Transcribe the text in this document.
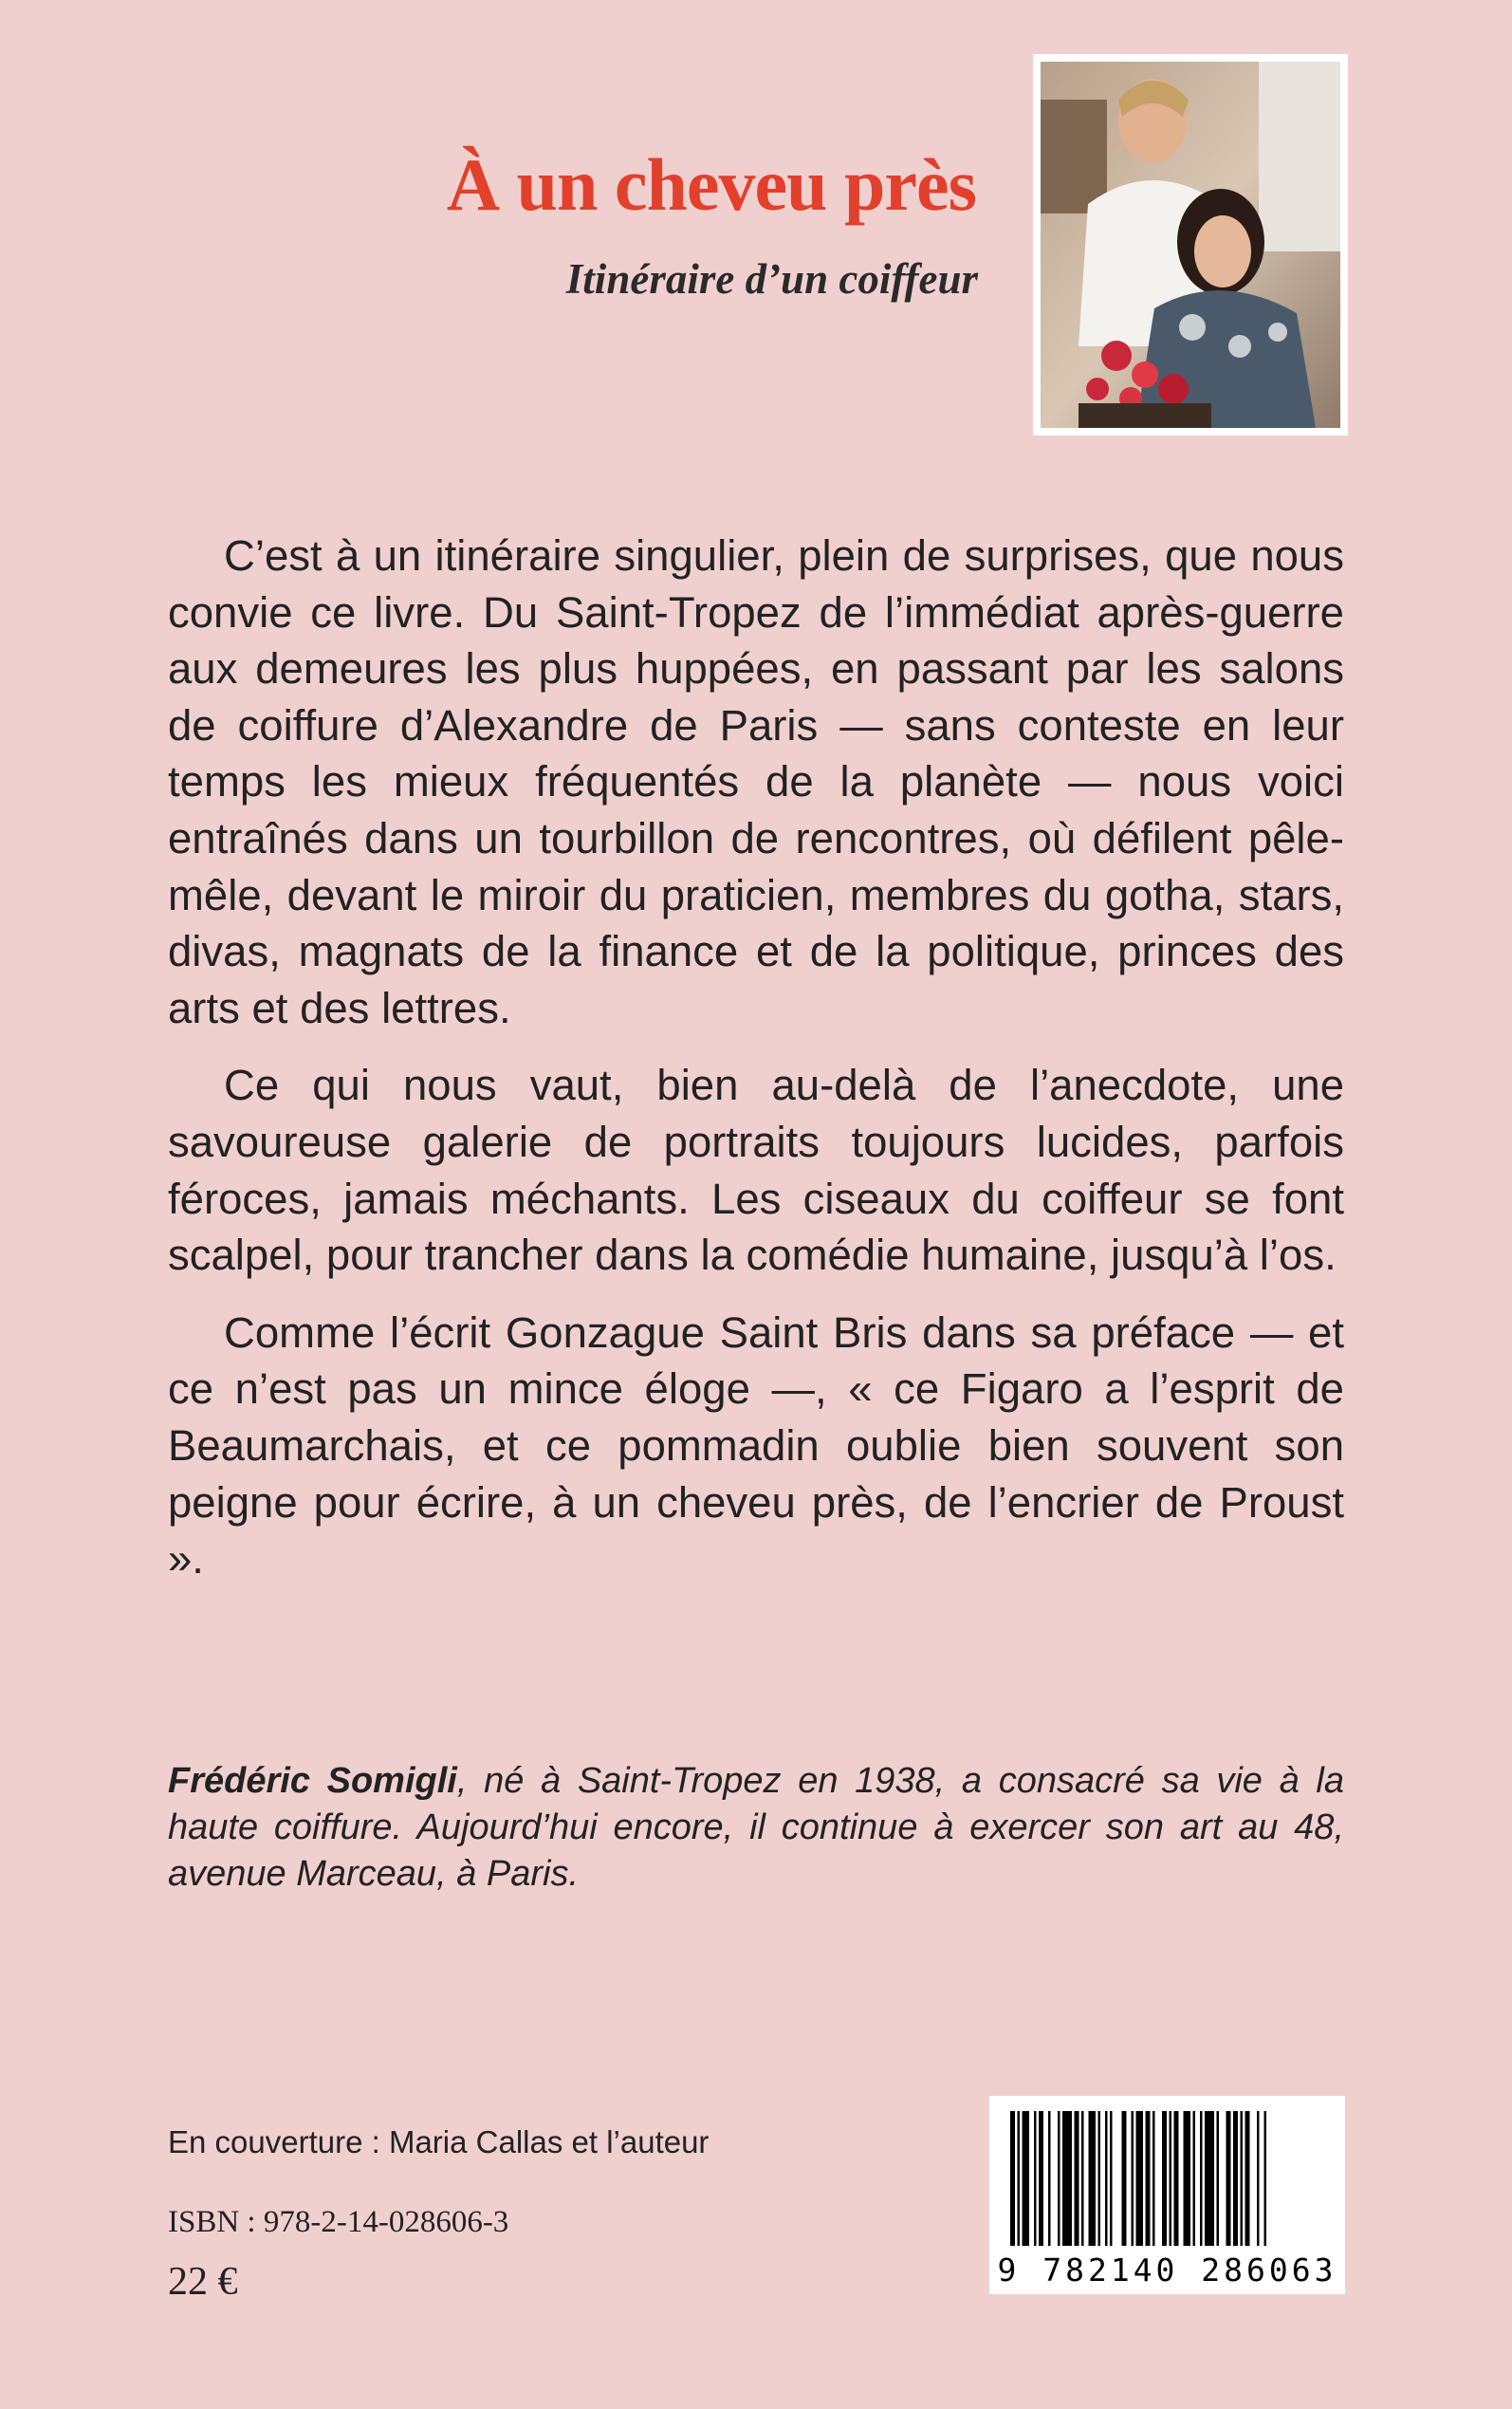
À un cheveu près
Itinéraire d’un coiffeur

C’est à un itinéraire singulier, plein de surprises, que nous convie ce livre. Du Saint-Tropez de l’immédiat après-guerre aux demeures les plus huppées, en passant par les salons de coiffure d’Alexandre de Paris — sans conteste en leur temps les mieux fréquentés de la planète — nous voici entraînés dans un tourbillon de rencontres, où défilent pêle-mêle, devant le miroir du praticien, membres du gotha, stars, divas, magnats de la finance et de la politique, princes des arts et des lettres.

Ce qui nous vaut, bien au-delà de l’anecdote, une savoureuse galerie de portraits toujours lucides, parfois féroces, jamais méchants. Les ciseaux du coiffeur se font scalpel, pour trancher dans la comédie humaine, jusqu’à l’os.

Comme l’écrit Gonzague Saint Bris dans sa préface — et ce n’est pas un mince éloge —, « ce Figaro a l’esprit de Beaumarchais, et ce pommadin oublie bien souvent son peigne pour écrire, à un cheveu près, de l’encrier de Proust ».

Frédéric Somigli, né à Saint-Tropez en 1938, a consacré sa vie à la haute coiffure. Aujourd’hui encore, il continue à exercer son art au 48, avenue Marceau, à Paris.

En couverture : Maria Callas et l’auteur

ISBN : 978-2-14-028606-3

22 €	9 782140 286063
